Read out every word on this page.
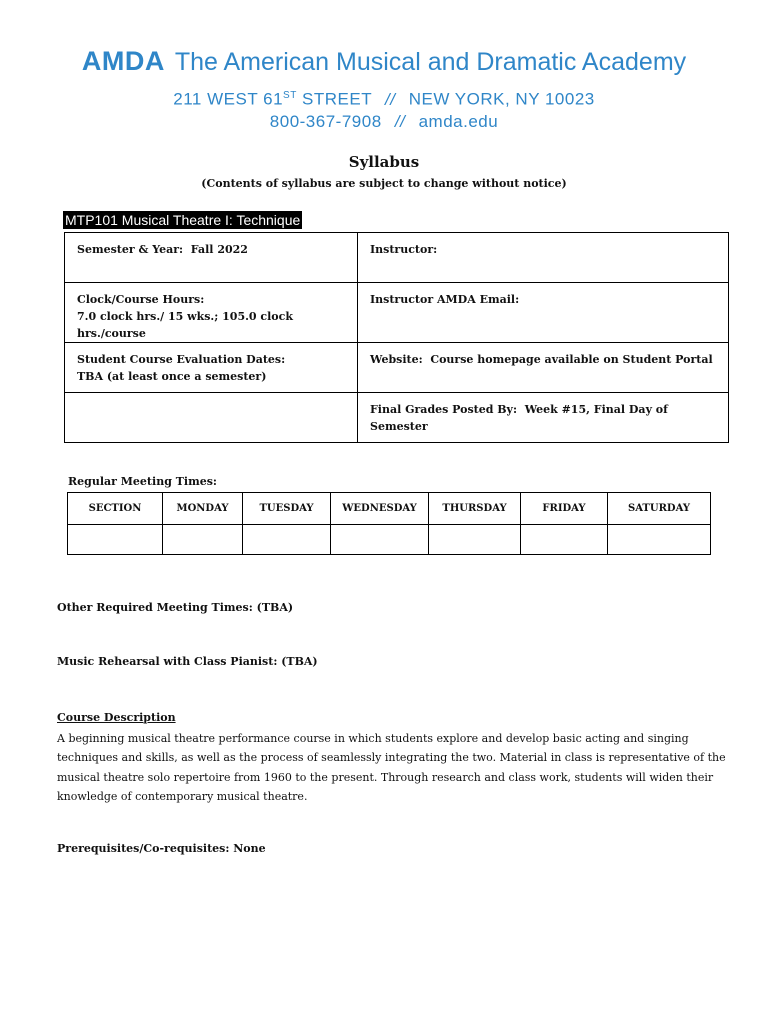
AMDA The American Musical and Dramatic Academy
211 WEST 61ST STREET // NEW YORK, NY 10023
800-367-7908 // amda.edu
Syllabus
(Contents of syllabus are subject to change without notice)
MTP101 Musical Theatre I: Technique
Semester & Year: Fall 2022	Instructor:

Clock/Course Hours:
7.0 clock hrs./ 15 wks.; 105.0 clock hrs./course	Instructor AMDA Email:

Student Course Evaluation Dates:
TBA (at least once a semester)	Website: Course homepage available on Student Portal

	Final Grades Posted By: Week #15, Final Day of Semester
Regular Meeting Times:
SECTION	MONDAY	TUESDAY	WEDNESDAY	THURSDAY	FRIDAY	SATURDAY

Other Required Meeting Times: (TBA)
Music Rehearsal with Class Pianist: (TBA)
Course Description
A beginning musical theatre performance course in which students explore and develop basic acting and singing techniques and skills, as well as the process of seamlessly integrating the two. Material in class is representative of the musical theatre solo repertoire from 1960 to the present. Through research and class work, students will widen their knowledge of contemporary musical theatre.
Prerequisites/Co-requisites: None
